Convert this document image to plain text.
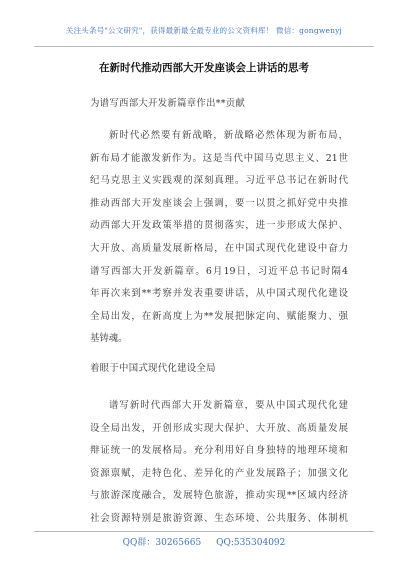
关注头条号"公文研究"，获得最新最全最专业的公文资料库！ 微信：gongwenyj
在新时代推动西部大开发座谈会上讲话的思考
为谱写西部大开发新篇章作出**贡献
新时代必然要有新战略，新战略必然体现为新布局，
新布局才能激发新作为。这是当代中国马克思主义、21世
纪马克思主义实践观的深刻真理。习近平总书记在新时代
推动西部大开发座谈会上强调，要一以贯之抓好党中央推
动西部大开发政策举措的贯彻落实，进一步形成大保护、
大开放、高质量发展新格局，在中国式现代化建设中奋力
谱写西部大开发新篇章。6月19日，习近平总书记时隔4
年再次来到**考察并发表重要讲话，从中国式现代化建设
全局出发，在新高度上为**发展把脉定向、赋能聚力、强
基铸魂。
着眼于中国式现代化建设全局
谱写新时代西部大开发新篇章，要从中国式现代化建
设全局出发，开创形成实现大保护、大开放、高质量发展
辩证统一的发展格局。充分利用好自身独特的地理环境和
资源禀赋，走特色化、差异化的产业发展路子；加强文化
与旅游深度融合，发展特色旅游，推动实现**区域内经济
社会资源特别是旅游资源、生态环境、公共服务、体制机
QQ群：30265665 QQ:535304092
